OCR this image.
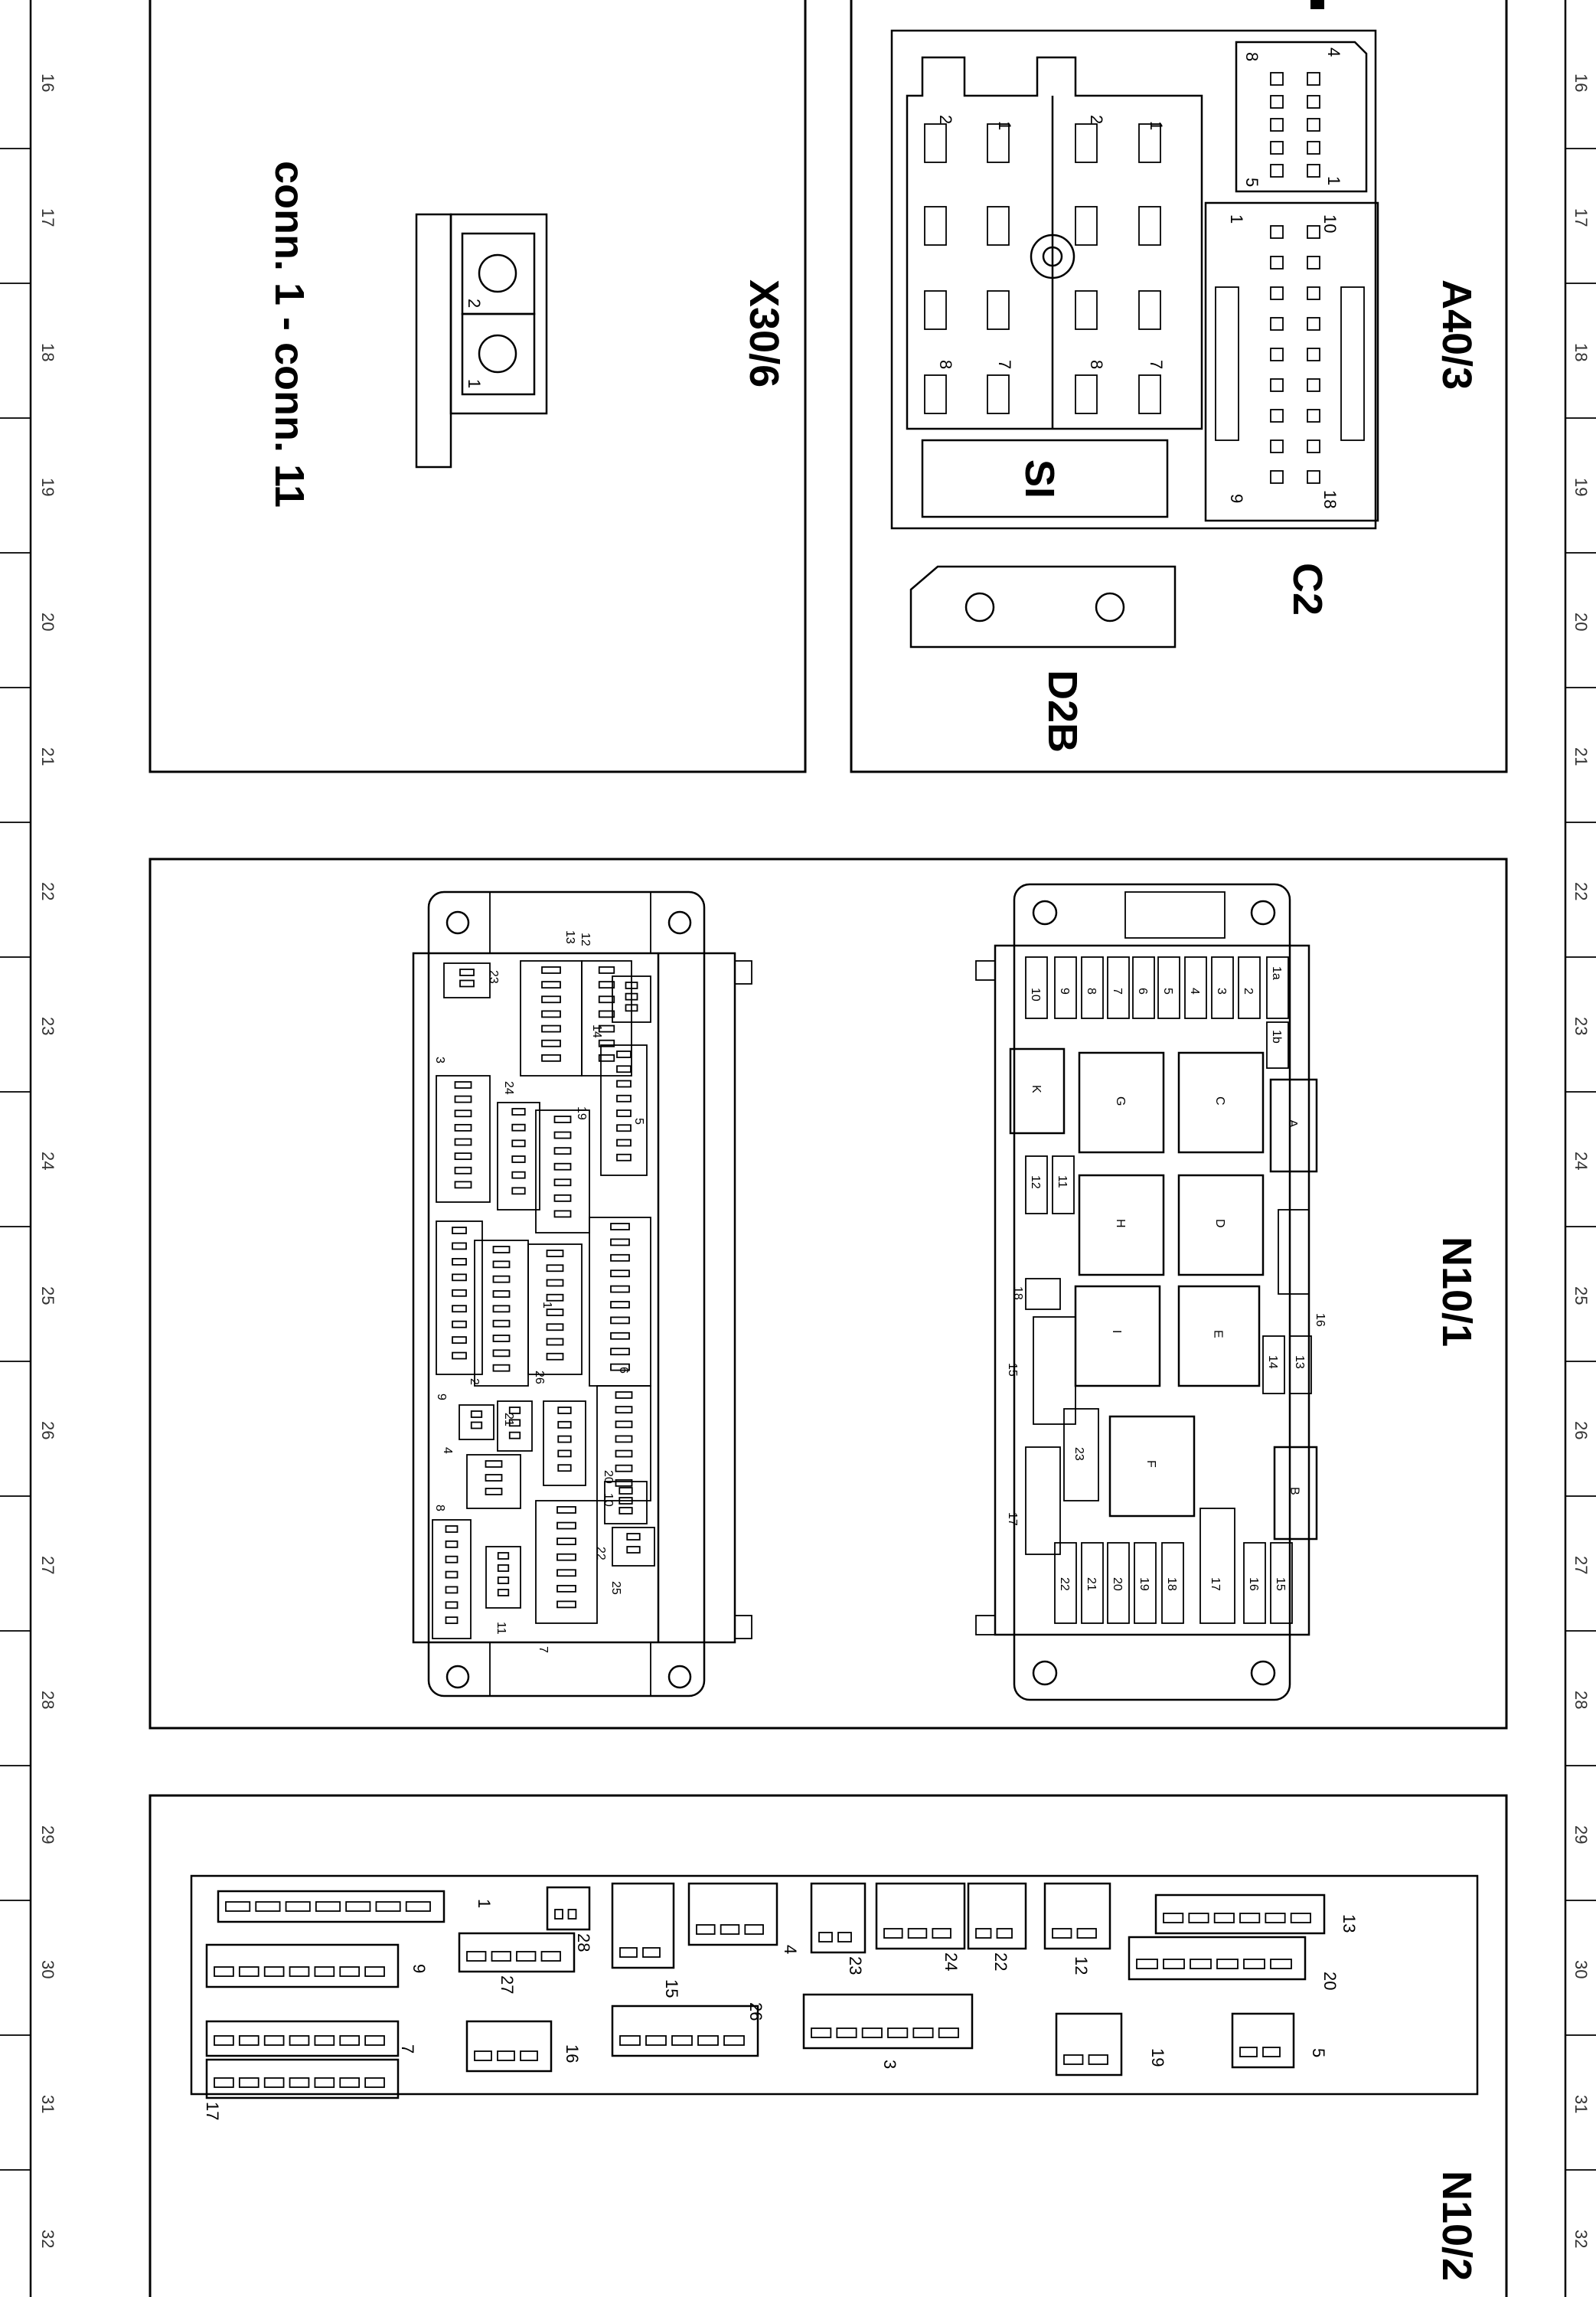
16
17
18
19
20
21
22
23
24
25
26
27
28
29
30
31
32
16
17
18
19
20
21
22
23
24
25
26
27
28
29
30
31
32
2
1
conn. 1 - conn. 11	X30/6
2
1
2
1
8 7	8 7
SI
8	4
5	1
1	10
9	18
C2
D2B
A40/3
13 12
23
14
3
24
19
5
1
2
9
26
6
21
4
20
10
8
22
25
11
7
10 9 8 7 6 5 4 3 2
1a
1b
K
G	C
A
H	D
I	E
F
B
12 11
14 13
23
22 21 20 19 18	17 16 15
16
18
15
17
N10/1
1
27
28
15
4
23	24 22	12
13
20
9
16
26
3	19	5
7
17
N10/2
